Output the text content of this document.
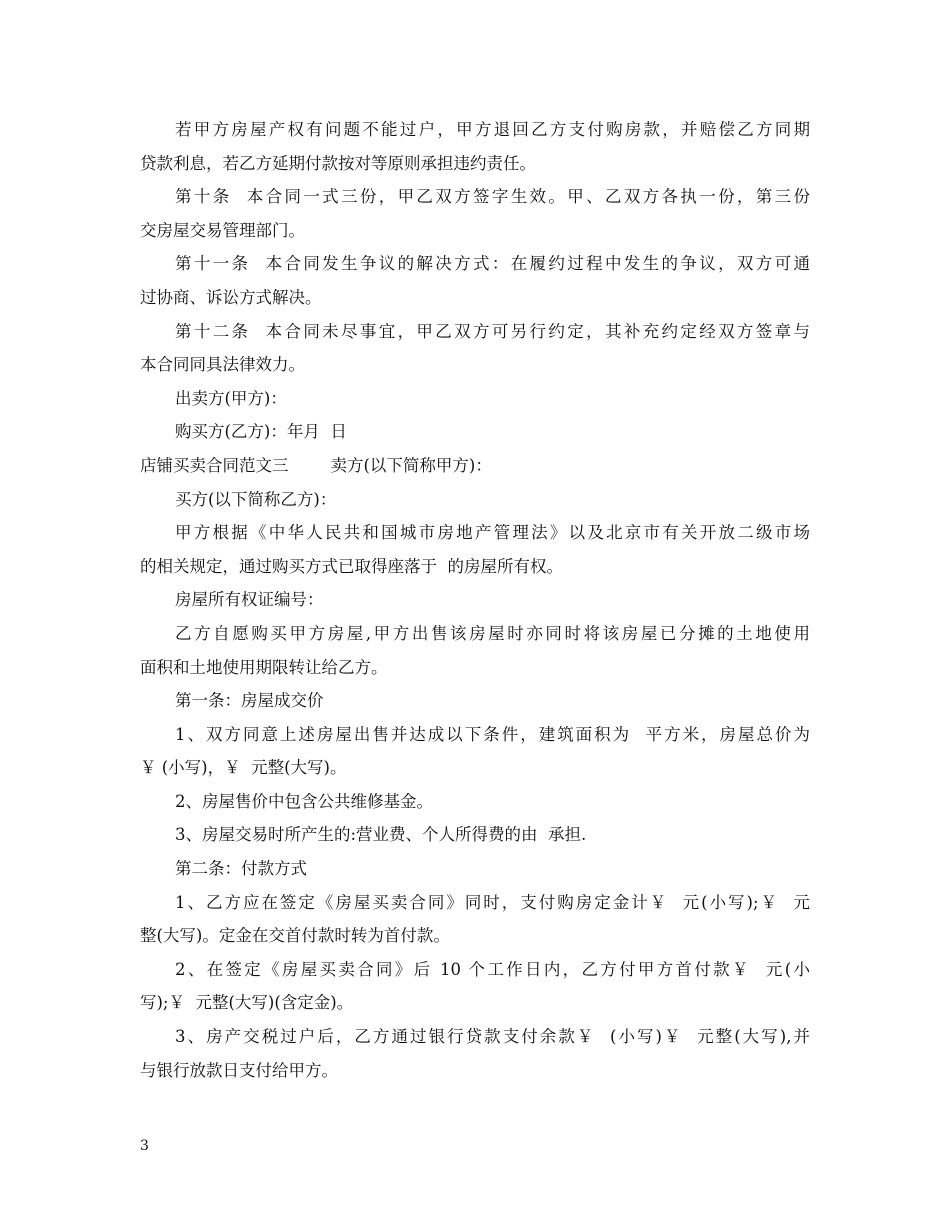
若甲方房屋产权有问题不能过户，甲方退回乙方支付购房款，并赔偿乙方同期
贷款利息，若乙方延期付款按对等原则承担违约责任。
第十条  本合同一式三份，甲乙双方签字生效。甲、乙双方各执一份，第三份
交房屋交易管理部门。
第十一条  本合同发生争议的解决方式：在履约过程中发生的争议，双方可通
过协商、诉讼方式解决。
第十二条  本合同未尽事宜，甲乙双方可另行约定，其补充约定经双方签章与
本合同同具法律效力。
出卖方(甲方)：
购买方(乙方)：年月  日
店铺买卖合同范文三        卖方(以下简称甲方)：
买方(以下简称乙方)：
甲方根据《中华人民共和国城市房地产管理法》以及北京市有关开放二级市场
的相关规定，通过购买方式已取得座落于  的房屋所有权。
房屋所有权证编号：
乙方自愿购买甲方房屋,甲方出售该房屋时亦同时将该房屋已分摊的土地使用
面积和土地使用期限转让给乙方。
第一条：房屋成交价
1、双方同意上述房屋出售并达成以下条件，建筑面积为  平方米，房屋总价为
￥ (小写)，￥  元整(大写)。
2、房屋售价中包含公共维修基金。
3、房屋交易时所产生的:营业费、个人所得费的由  承担.
第二条：付款方式
1、乙方应在签定《房屋买卖合同》同时，支付购房定金计￥  元(小写);￥  元
整(大写)。定金在交首付款时转为首付款。
2、在签定《房屋买卖合同》后 10 个工作日内，乙方付甲方首付款￥  元(小
写);￥  元整(大写)(含定金)。
3、房产交税过户后，乙方通过银行贷款支付余款￥  (小写)￥  元整(大写),并
与银行放款日支付给甲方。
3
